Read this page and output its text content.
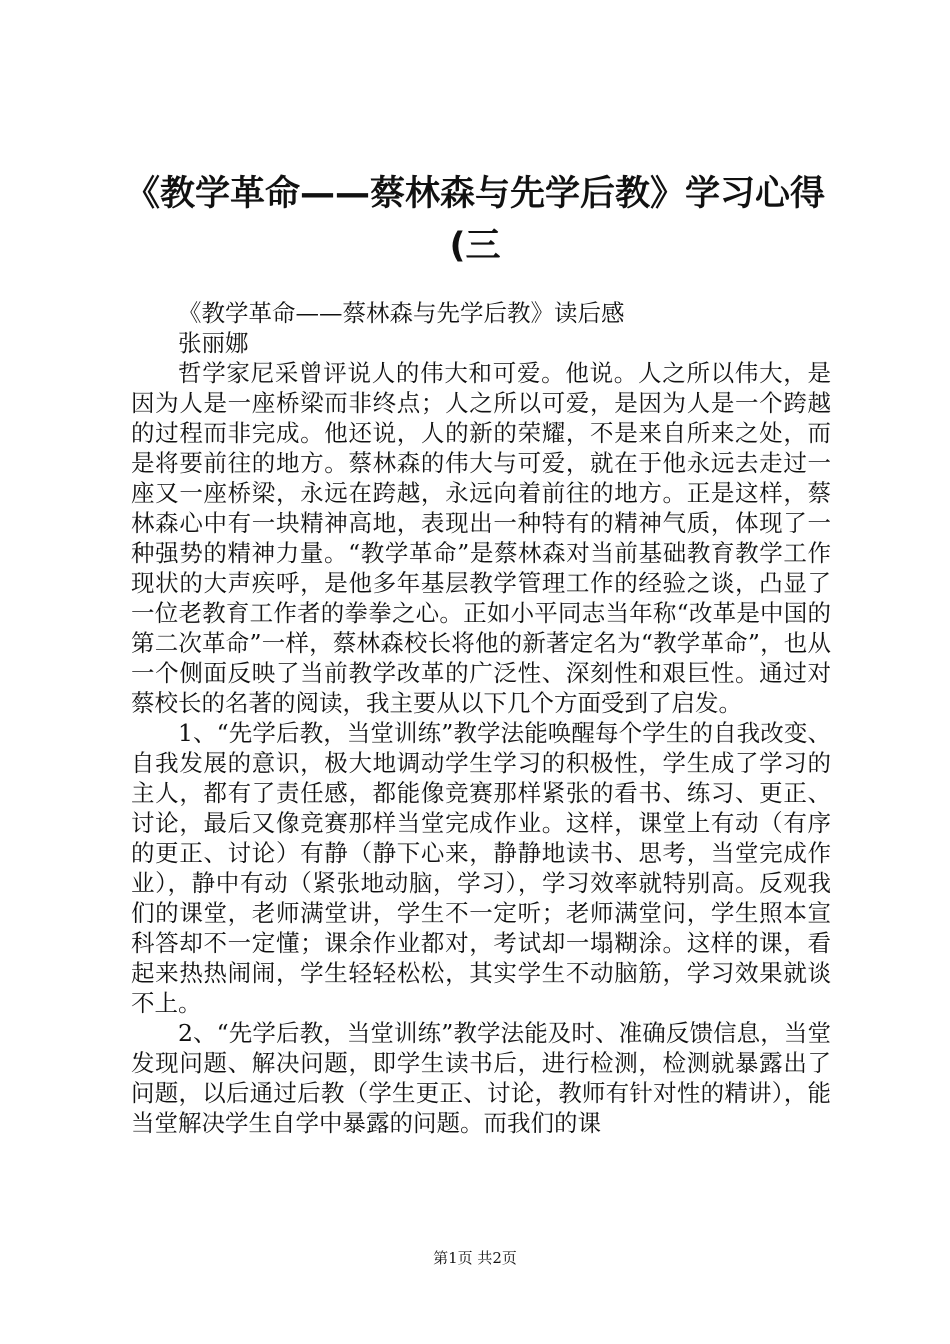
《教学革命——蔡林森与先学后教》学习心得
(三

《教学革命——蔡林森与先学后教》读后感

张丽娜

哲学家尼采曾评说人的伟大和可爱。他说。人之所以伟大，是因为人是一座桥梁而非终点；人之所以可爱，是因为人是一个跨越的过程而非完成。他还说，人的新的荣耀，不是来自所来之处，而是将要前往的地方。蔡林森的伟大与可爱，就在于他永远去走过一座又一座桥梁，永远在跨越，永远向着前往的地方。正是这样，蔡林森心中有一块精神高地，表现出一种特有的精神气质，体现了一种强势的精神力量。“教学革命”是蔡林森对当前基础教育教学工作现状的大声疾呼，是他多年基层教学管理工作的经验之谈，凸显了一位老教育工作者的拳拳之心。正如小平同志当年称“改革是中国的第二次革命”一样，蔡林森校长将他的新著定名为“教学革命”，也从一个侧面反映了当前教学改革的广泛性、深刻性和艰巨性。通过对蔡校长的名著的阅读，我主要从以下几个方面受到了启发。

1、“先学后教，当堂训练”教学法能唤醒每个学生的自我改变、自我发展的意识，极大地调动学生学习的积极性，学生成了学习的主人，都有了责任感，都能像竞赛那样紧张的看书、练习、更正、讨论，最后又像竞赛那样当堂完成作业。这样，课堂上有动（有序的更正、讨论）有静（静下心来，静静地读书、思考，当堂完成作业），静中有动（紧张地动脑，学习），学习效率就特别高。反观我们的课堂，老师满堂讲，学生不一定听；老师满堂问，学生照本宣科答却不一定懂；课余作业都对，考试却一塌糊涂。这样的课，看起来热热闹闹，学生轻轻松松，其实学生不动脑筋，学习效果就谈不上。

2、“先学后教，当堂训练”教学法能及时、准确反馈信息，当堂发现问题、解决问题，即学生读书后，进行检测，检测就暴露出了问题，以后通过后教（学生更正、讨论，教师有针对性的精讲），能当堂解决学生自学中暴露的问题。而我们的课

第1页 共2页
